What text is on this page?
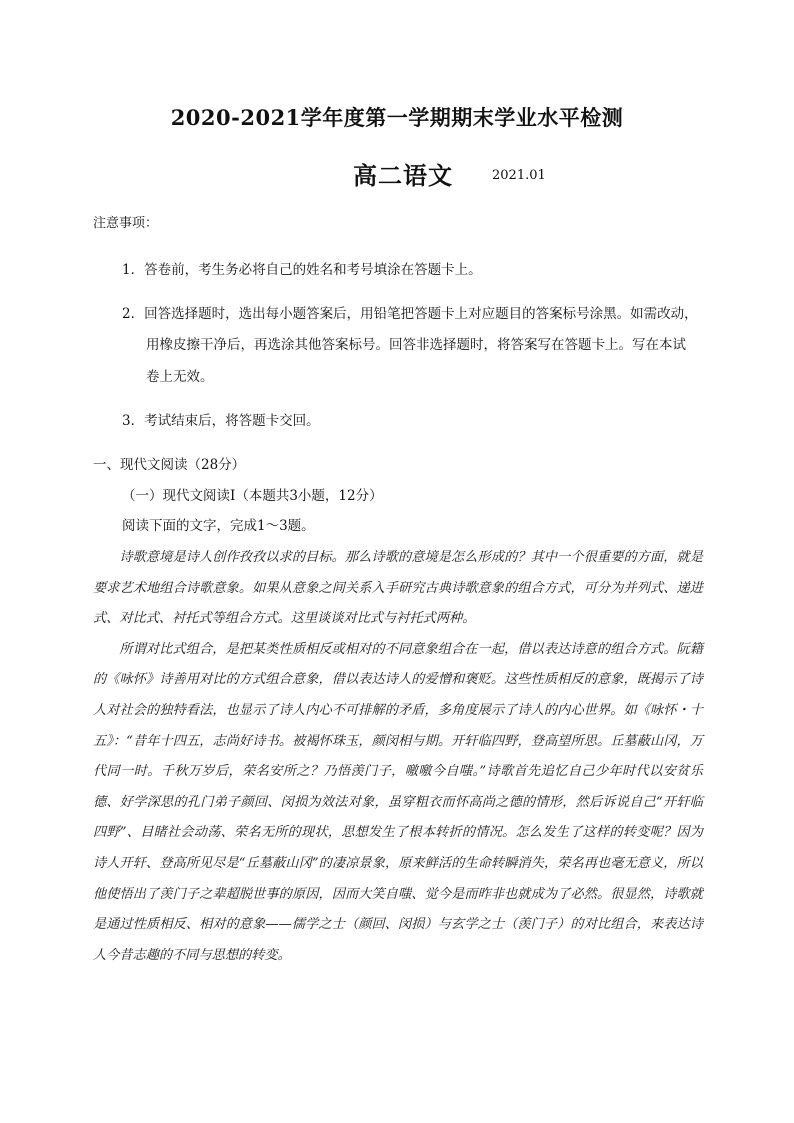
2020-2021学年度第一学期期末学业水平检测
高二语文	2021.01
注意事项：
1．答卷前，考生务必将自己的姓名和考号填涂在答题卡上。
2．回答选择题时，选出每小题答案后，用铅笔把答题卡上对应题目的答案标号涂黑。如需改动，
用橡皮擦干净后，再选涂其他答案标号。回答非选择题时，将答案写在答题卡上。写在本试
卷上无效。
3．考试结束后，将答题卡交回。
一、现代文阅读（28分）
（一）现代文阅读Ⅰ（本题共3小题，12分）
阅读下面的文字，完成1～3题。

诗歌意境是诗人创作孜孜以求的目标。那么诗歌的意境是怎么形成的？其中一个很重要的方面，就是要求艺术地组合诗歌意象。如果从意象之间关系入手研究古典诗歌意象的组合方式，可分为并列式、递进式、对比式、衬托式等组合方式。这里谈谈对比式与衬托式两种。

所谓对比式组合，是把某类性质相反或相对的不同意象组合在一起，借以表达诗意的组合方式。阮籍的《咏怀》诗善用对比的方式组合意象，借以表达诗人的爱憎和褒贬。这些性质相反的意象，既揭示了诗人对社会的独特看法，也显示了诗人内心不可排解的矛盾，多角度展示了诗人的内心世界。如《咏怀・十五》：“昔年十四五，志尚好诗书。被褐怀珠玉，颜闵相与期。开轩临四野，登高望所思。丘墓蔽山冈，万代同一时。千秋万岁后，荣名安所之？乃悟羡门子，噭噭今自嗤。”诗歌首先追忆自己少年时代以安贫乐德、好学深思的孔门弟子颜回、闵损为效法对象，虽穿粗衣而怀高尚之德的情形，然后诉说自己“开轩临四野”、目睹社会动荡、荣名无所的现状，思想发生了根本转折的情况。怎么发生了这样的转变呢？因为诗人开轩、登高所见尽是“丘墓蔽山冈”的凄凉景象，原来鲜活的生命转瞬消失，荣名再也毫无意义，所以他使悟出了羡门子之辈超脱世事的原因，因而大笑自嗤、觉今是而昨非也就成为了必然。很显然，诗歌就是通过性质相反、相对的意象——儒学之士（颜回、闵损）与玄学之士（羡门子）的对比组合，来表达诗人今昔志趣的不同与思想的转变。
